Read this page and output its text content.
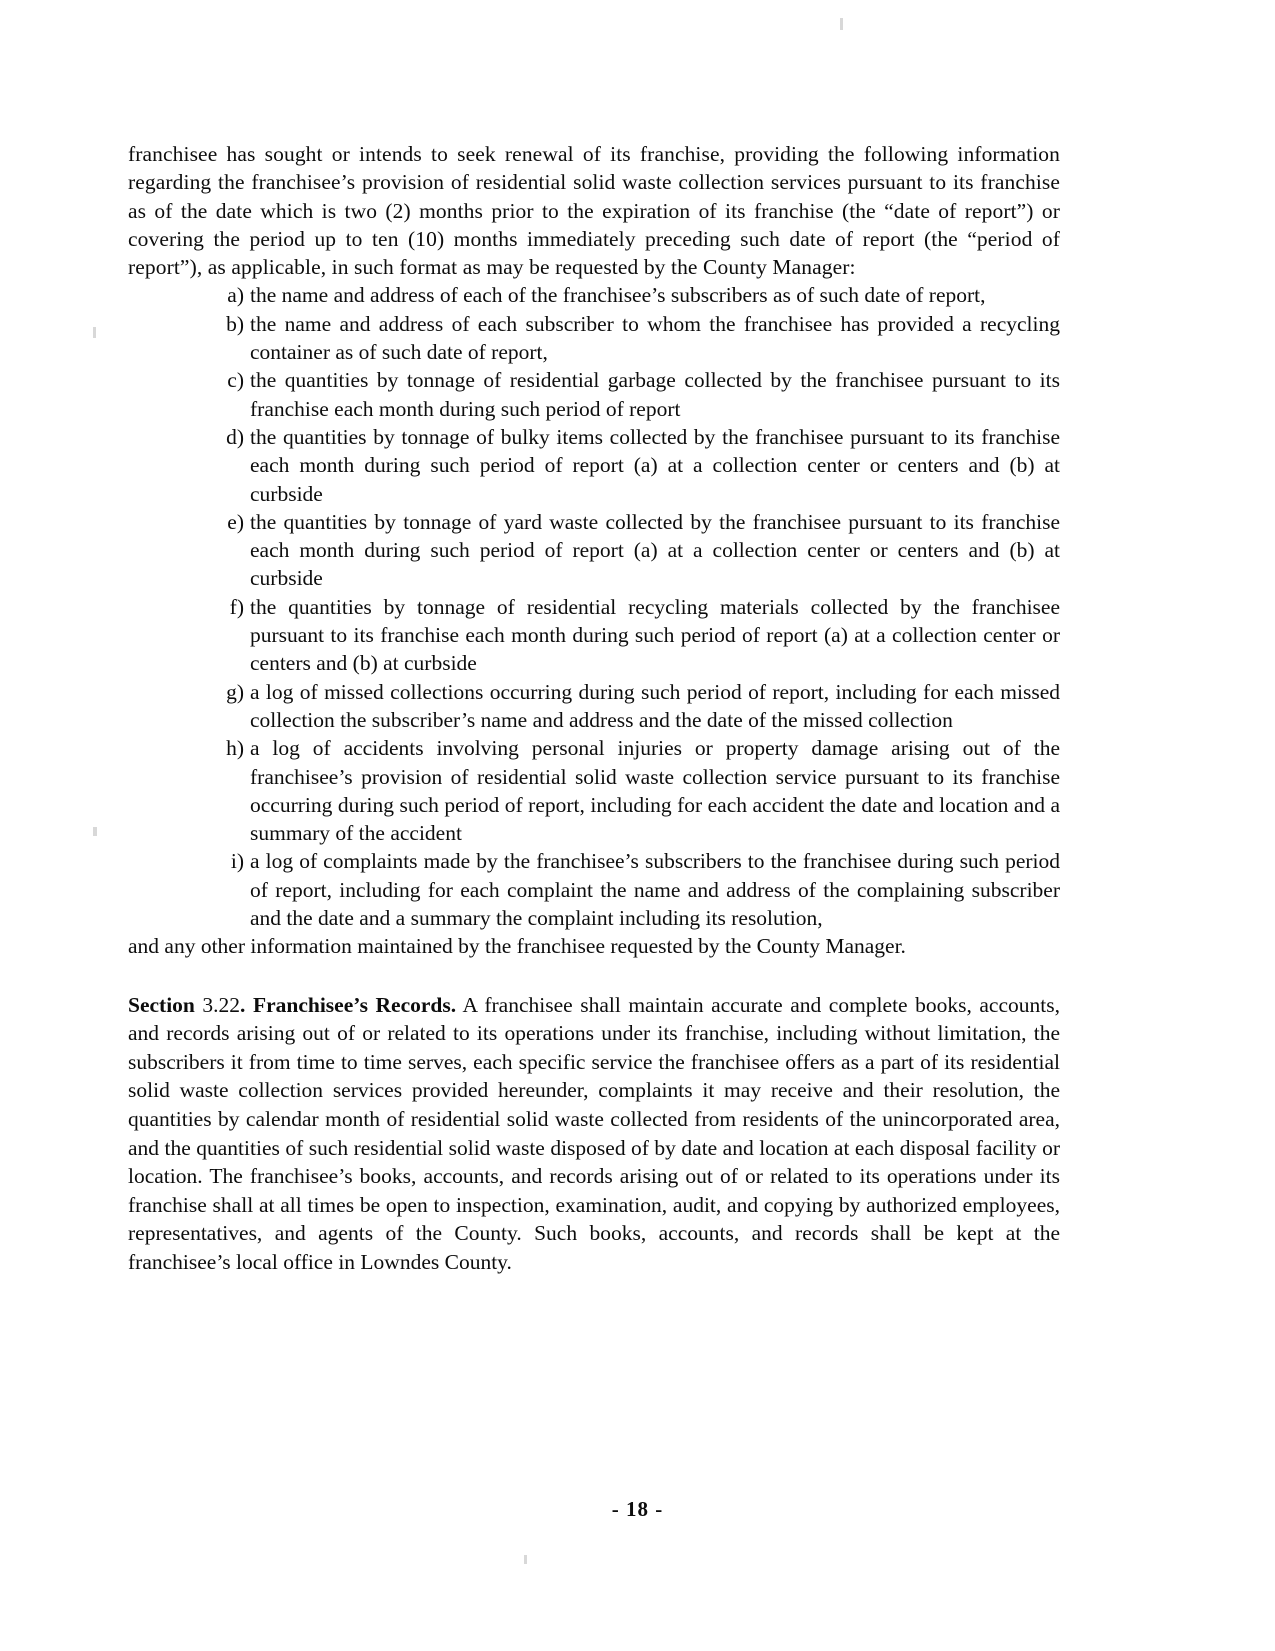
franchisee has sought or intends to seek renewal of its franchise, providing the following information regarding the franchisee’s provision of residential solid waste collection services pursuant to its franchise as of the date which is two (2) months prior to the expiration of its franchise (the “date of report”) or covering the period up to ten (10) months immediately preceding such date of report (the “period of report”), as applicable, in such format as may be requested by the County Manager:

a) the name and address of each of the franchisee’s subscribers as of such date of report,
b) the name and address of each subscriber to whom the franchisee has provided a recycling container as of such date of report,
c) the quantities by tonnage of residential garbage collected by the franchisee pursuant to its franchise each month during such period of report
d) the quantities by tonnage of bulky items collected by the franchisee pursuant to its franchise each month during such period of report (a) at a collection center or centers and (b) at curbside
e) the quantities by tonnage of yard waste collected by the franchisee pursuant to its franchise each month during such period of report (a) at a collection center or centers and (b) at curbside
f) the quantities by tonnage of residential recycling materials collected by the franchisee pursuant to its franchise each month during such period of report (a) at a collection center or centers and (b) at curbside
g) a log of missed collections occurring during such period of report, including for each missed collection the subscriber’s name and address and the date of the missed collection
h) a log of accidents involving personal injuries or property damage arising out of the franchisee’s provision of residential solid waste collection service pursuant to its franchise occurring during such period of report, including for each accident the date and location and a summary of the accident
i) a log of complaints made by the franchisee’s subscribers to the franchisee during such period of report, including for each complaint the name and address of the complaining subscriber and the date and a summary the complaint including its resolution,

and any other information maintained by the franchisee requested by the County Manager.

Section 3.22. Franchisee’s Records. A franchisee shall maintain accurate and complete books, accounts, and records arising out of or related to its operations under its franchise, including without limitation, the subscribers it from time to time serves, each specific service the franchisee offers as a part of its residential solid waste collection services provided hereunder, complaints it may receive and their resolution, the quantities by calendar month of residential solid waste collected from residents of the unincorporated area, and the quantities of such residential solid waste disposed of by date and location at each disposal facility or location. The franchisee’s books, accounts, and records arising out of or related to its operations under its franchise shall at all times be open to inspection, examination, audit, and copying by authorized employees, representatives, and agents of the County. Such books, accounts, and records shall be kept at the franchisee’s local office in Lowndes County.

- 18 -
